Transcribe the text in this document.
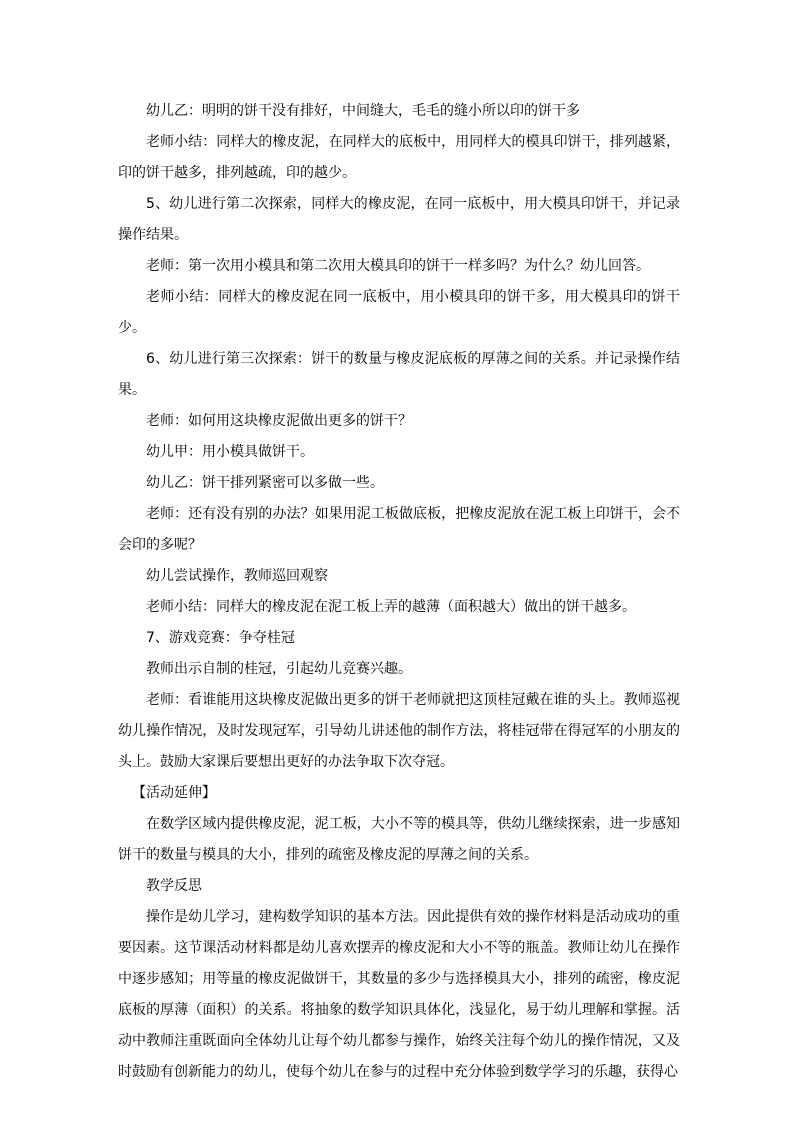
幼儿乙：明明的饼干没有排好，中间缝大，毛毛的缝小所以印的饼干多

老师小结：同样大的橡皮泥，在同样大的底板中，用同样大的模具印饼干，排列越紧，印的饼干越多，排列越疏，印的越少。

5、幼儿进行第二次探索，同样大的橡皮泥，在同一底板中，用大模具印饼干，并记录操作结果。

老师：第一次用小模具和第二次用大模具印的饼干一样多吗？为什么？幼儿回答。

老师小结：同样大的橡皮泥在同一底板中，用小模具印的饼干多，用大模具印的饼干少。

6、幼儿进行第三次探索：饼干的数量与橡皮泥底板的厚薄之间的关系。并记录操作结果。

老师：如何用这块橡皮泥做出更多的饼干？

幼儿甲：用小模具做饼干。

幼儿乙：饼干排列紧密可以多做一些。

老师：还有没有别的办法？如果用泥工板做底板，把橡皮泥放在泥工板上印饼干，会不会印的多呢？

幼儿尝试操作，教师巡回观察

老师小结：同样大的橡皮泥在泥工板上弄的越薄（面积越大）做出的饼干越多。

7、游戏竞赛：争夺桂冠

教师出示自制的桂冠，引起幼儿竞赛兴趣。

老师：看谁能用这块橡皮泥做出更多的饼干老师就把这顶桂冠戴在谁的头上。教师巡视幼儿操作情况，及时发现冠军，引导幼儿讲述他的制作方法，将桂冠带在得冠军的小朋友的头上。鼓励大家课后要想出更好的办法争取下次夺冠。

【活动延伸】

在数学区域内提供橡皮泥，泥工板，大小不等的模具等，供幼儿继续探索，进一步感知饼干的数量与模具的大小，排列的疏密及橡皮泥的厚薄之间的关系。

教学反思

操作是幼儿学习，建构数学知识的基本方法。因此提供有效的操作材料是活动成功的重要因素。这节课活动材料都是幼儿喜欢摆弄的橡皮泥和大小不等的瓶盖。教师让幼儿在操作中逐步感知；用等量的橡皮泥做饼干，其数量的多少与选择模具大小，排列的疏密，橡皮泥底板的厚薄（面积）的关系。将抽象的数学知识具体化，浅显化，易于幼儿理解和掌握。活动中教师注重既面向全体幼儿让每个幼儿都参与操作，始终关注每个幼儿的操作情况，又及时鼓励有创新能力的幼儿，使每个幼儿在参与的过程中充分体验到数学学习的乐趣，获得心
